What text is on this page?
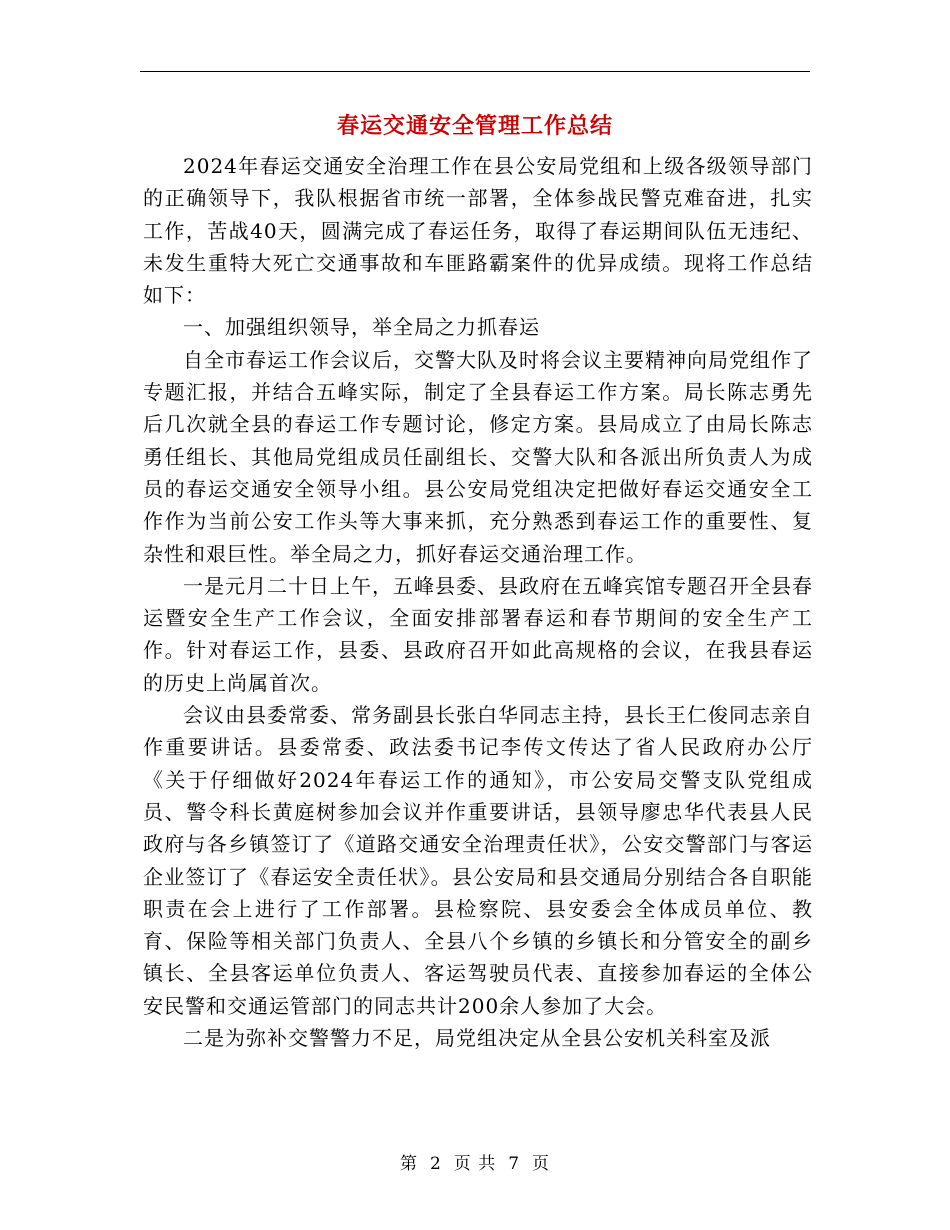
春运交通安全管理工作总结

2024年春运交通安全治理工作在县公安局党组和上级各级领导部门的正确领导下，我队根据省市统一部署，全体参战民警克难奋进，扎实工作，苦战40天，圆满完成了春运任务，取得了春运期间队伍无违纪、未发生重特大死亡交通事故和车匪路霸案件的优异成绩。现将工作总结如下：

一、加强组织领导，举全局之力抓春运

自全市春运工作会议后，交警大队及时将会议主要精神向局党组作了专题汇报，并结合五峰实际，制定了全县春运工作方案。局长陈志勇先后几次就全县的春运工作专题讨论，修定方案。县局成立了由局长陈志勇任组长、其他局党组成员任副组长、交警大队和各派出所负责人为成员的春运交通安全领导小组。县公安局党组决定把做好春运交通安全工作作为当前公安工作头等大事来抓，充分熟悉到春运工作的重要性、复杂性和艰巨性。举全局之力，抓好春运交通治理工作。

一是元月二十日上午，五峰县委、县政府在五峰宾馆专题召开全县春运暨安全生产工作会议，全面安排部署春运和春节期间的安全生产工作。针对春运工作，县委、县政府召开如此高规格的会议，在我县春运的历史上尚属首次。

会议由县委常委、常务副县长张白华同志主持，县长王仁俊同志亲自作重要讲话。县委常委、政法委书记李传文传达了省人民政府办公厅《关于仔细做好2024年春运工作的通知》，市公安局交警支队党组成员、警令科长黄庭树参加会议并作重要讲话，县领导廖忠华代表县人民政府与各乡镇签订了《道路交通安全治理责任状》，公安交警部门与客运企业签订了《春运安全责任状》。县公安局和县交通局分别结合各自职能职责在会上进行了工作部署。县检察院、县安委会全体成员单位、教育、保险等相关部门负责人、全县八个乡镇的乡镇长和分管安全的副乡镇长、全县客运单位负责人、客运驾驶员代表、直接参加春运的全体公安民警和交通运管部门的同志共计200余人参加了大会。

二是为弥补交警警力不足，局党组决定从全县公安机关科室及派

第 2 页 共 7 页
